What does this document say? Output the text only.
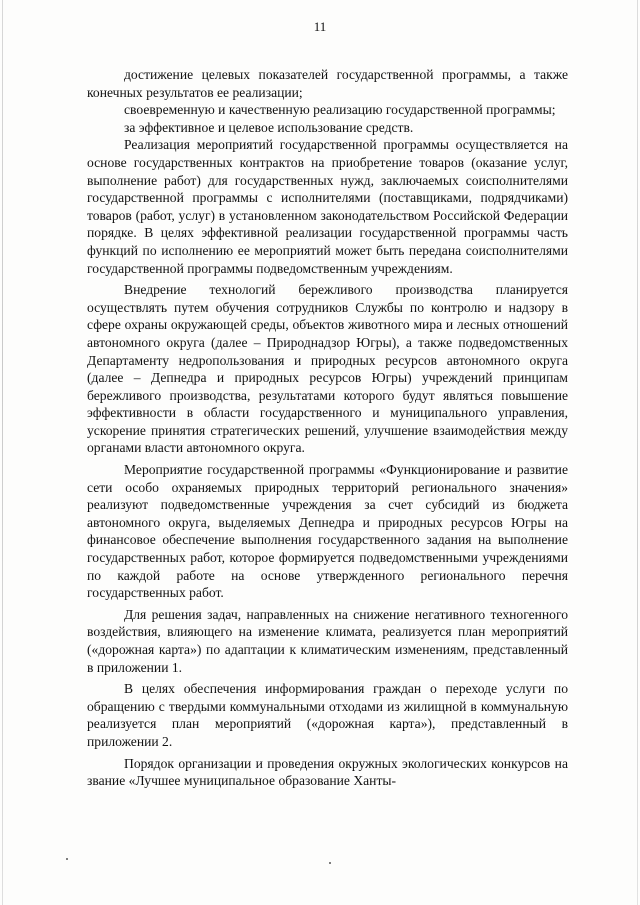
11

достижение целевых показателей государственной программы, а также конечных результатов ее реализации;

своевременную и качественную реализацию государственной программы;

за эффективное и целевое использование средств.

Реализация мероприятий государственной программы осуществляется на основе государственных контрактов на приобретение товаров (оказание услуг, выполнение работ) для государственных нужд, заключаемых соисполнителями государственной программы с исполнителями (поставщиками, подрядчиками) товаров (работ, услуг) в установленном законодательством Российской Федерации порядке. В целях эффективной реализации государственной программы часть функций по исполнению ее мероприятий может быть передана соисполнителями государственной программы подведомственным учреждениям.

Внедрение технологий бережливого производства планируется осуществлять путем обучения сотрудников Службы по контролю и надзору в сфере охраны окружающей среды, объектов животного мира и лесных отношений автономного округа (далее – Природнадзор Югры), а также подведомственных Департаменту недропользования и природных ресурсов автономного округа (далее – Депнедра и природных ресурсов Югры) учреждений принципам бережливого производства, результатами которого будут являться повышение эффективности в области государственного и муниципального управления, ускорение принятия стратегических решений, улучшение взаимодействия между органами власти автономного округа.

Мероприятие государственной программы «Функционирование и развитие сети особо охраняемых природных территорий регионального значения» реализуют подведомственные учреждения за счет субсидий из бюджета автономного округа, выделяемых Депнедра и природных ресурсов Югры на финансовое обеспечение выполнения государственного задания на выполнение государственных работ, которое формируется подведомственными учреждениями по каждой работе на основе утвержденного регионального перечня государственных работ.

Для решения задач, направленных на снижение негативного техногенного воздействия, влияющего на изменение климата, реализуется план мероприятий («дорожная карта») по адаптации к климатическим изменениям, представленный в приложении 1.

В целях обеспечения информирования граждан о переходе услуги по обращению с твердыми коммунальными отходами из жилищной в коммунальную реализуется план мероприятий («дорожная карта»), представленный в приложении 2.

Порядок организации и проведения окружных экологических конкурсов на звание «Лучшее муниципальное образование Ханты-
